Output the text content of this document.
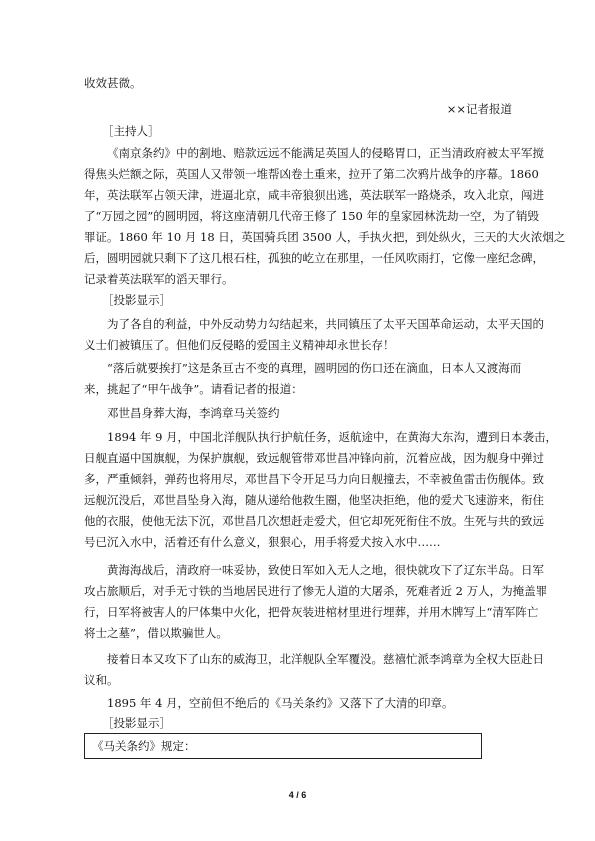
收效甚微。
××记者报道
［主持人］
《南京条约》中的割地、赔款远远不能满足英国人的侵略胃口，正当清政府被太平军搅
得焦头烂额之际，英国人又带领一堆帮凶卷土重来，拉开了第二次鸦片战争的序幕。1860
年，英法联军占领天津，进逼北京，咸丰帝狼狈出逃，英法联军一路烧杀，攻入北京，闯进
了“万园之园”的圆明园，将这座清朝几代帝王修了 150 年的皇家园林洗劫一空，为了销毁
罪证。1860 年 10 月 18 日，英国骑兵团 3500 人，手执火把，到处纵火，三天的大火浓烟之
后，圆明园就只剩下了这几根石柱，孤独的屹立在那里，一任风吹雨打，它像一座纪念碑，
记录着英法联军的滔天罪行。
［投影显示］
为了各自的利益，中外反动势力勾结起来，共同镇压了太平天国革命运动，太平天国的
义士们被镇压了。但他们反侵略的爱国主义精神却永世长存！
“落后就要挨打”这是条亘古不变的真理，圆明园的伤口还在滴血，日本人又渡海而
来，挑起了“甲午战争”。请看记者的报道：
邓世昌身葬大海，李鸿章马关签约
1894 年 9 月，中国北洋舰队执行护航任务，返航途中，在黄海大东沟，遭到日本袭击，
日舰直逼中国旗舰，为保护旗舰，致远舰管带邓世昌冲锋向前，沉着应战，因为舰身中弹过
多，严重倾斜，弹药也将用尽，邓世昌下令开足马力向日舰撞去，不幸被鱼雷击伤舰体。致
远舰沉没后，邓世昌坠身入海，随从递给他救生圈，他坚决拒绝，他的爱犬飞速游来，衔住
他的衣服，使他无法下沉，邓世昌几次想赶走爱犬，但它却死死衔住不放。生死与共的致远
号已沉入水中，活着还有什么意义，狠狠心，用手将爱犬按入水中……
黄海海战后，清政府一味妥协，致使日军如入无人之地，很快就攻下了辽东半岛。日军
攻占旅顺后，对手无寸铁的当地居民进行了惨无人道的大屠杀，死难者近 2 万人，为掩盖罪
行，日军将被害人的尸体集中火化，把骨灰装进棺材里进行埋葬，并用木牌写上“清军阵亡
将士之墓”，借以欺骗世人。
接着日本又攻下了山东的威海卫，北洋舰队全军覆没。慈禧忙派李鸿章为全权大臣赴日
议和。
1895 年 4 月，空前但不绝后的《马关条约》又落下了大清的印章。
［投影显示］
《马关条约》规定：
4 / 6
